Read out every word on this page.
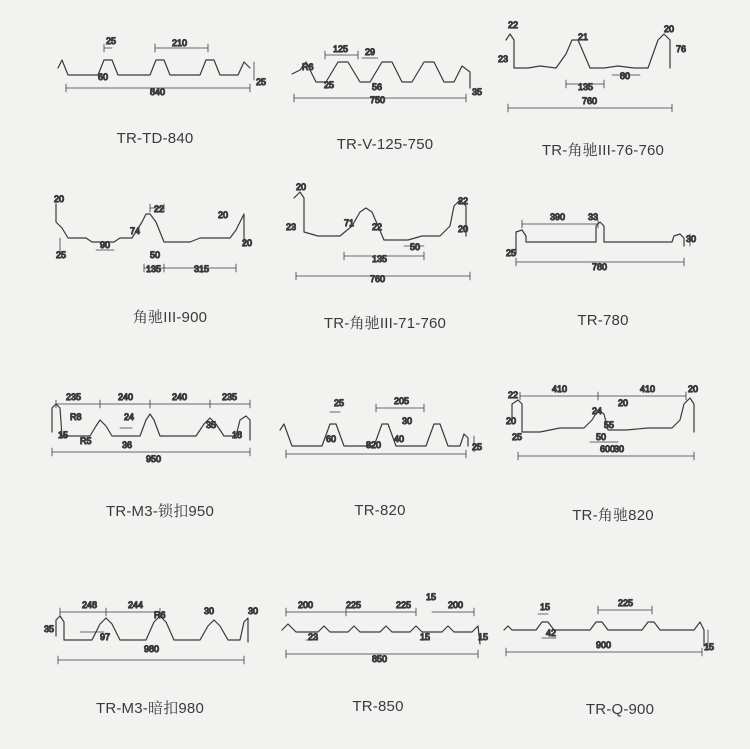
25	210
60
840
25
125 29
R6
25	56
750
35
22
21
76
20
23
135
80
760
20
25
22
74
90
50
135	315
20
20
20
23	71 22
22
20
50
135
760
390	33
25
780
30
235	240	240	235
R8
R5
24
36
15
35
950
18
25	205
60
30
40
820	25
22
410	410	20
20
20
24
25
55
50
600
30
248	244
R6	30
35
97
980
30
200	225	225
15
200
23	15
850
15
15	225
42
900	15
TR-TD-840	TR-V-125-750	TR-角驰III-76-760
角驰III-900	TR-角驰III-71-760	TR-780
TR-M3-锁扣950	TR-820	TR-角驰820
TR-M3-暗扣980	TR-850	TR-Q-900
